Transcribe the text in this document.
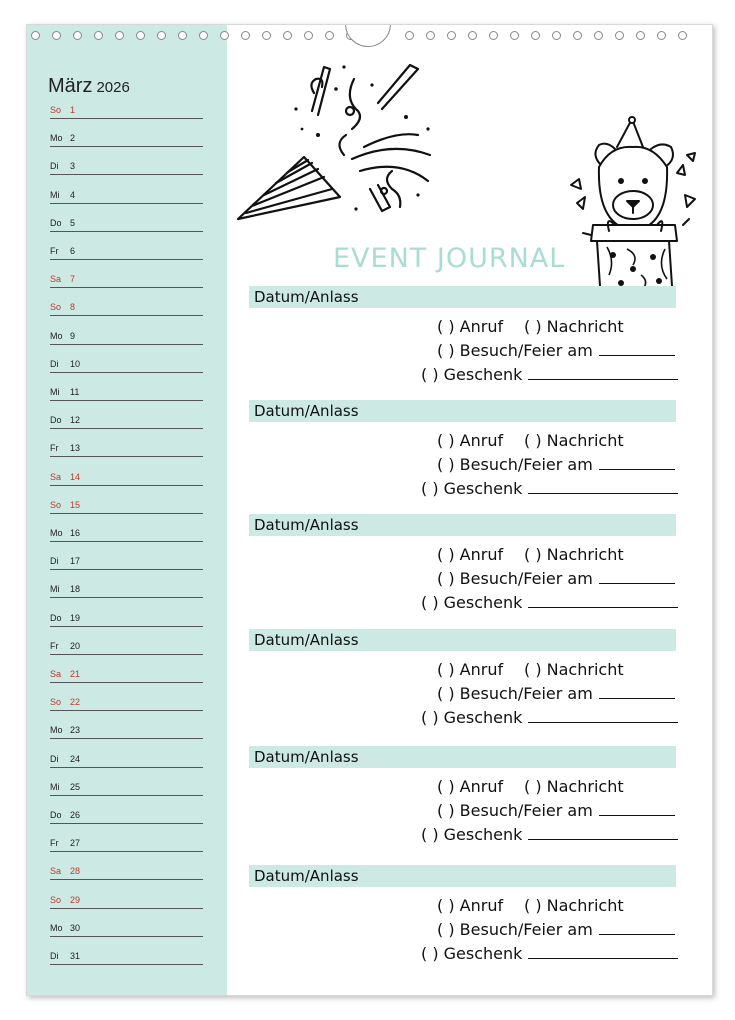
März 2026
So 1
Mo 2
Di 3
Mi 4
Do 5
Fr 6
Sa 7
So 8
Mo 9
Di 10
Mi 11
Do 12
Fr 13
Sa 14
So 15
Mo 16
Di 17
Mi 18
Do 19
Fr 20
Sa 21
So 22
Mo 23
Di 24
Mi 25
Do 26
Fr 27
Sa 28
So 29
Mo 30
Di 31
EVENT JOURNAL
Datum/Anlass
( ) Anruf ( ) Nachricht
( ) Besuch/Feier am
( ) Geschenk
Datum/Anlass
( ) Anruf ( ) Nachricht
( ) Besuch/Feier am
( ) Geschenk
Datum/Anlass
( ) Anruf ( ) Nachricht
( ) Besuch/Feier am
( ) Geschenk
Datum/Anlass
( ) Anruf ( ) Nachricht
( ) Besuch/Feier am
( ) Geschenk
Datum/Anlass
( ) Anruf ( ) Nachricht
( ) Besuch/Feier am
( ) Geschenk
Datum/Anlass
( ) Anruf ( ) Nachricht
( ) Besuch/Feier am
( ) Geschenk
